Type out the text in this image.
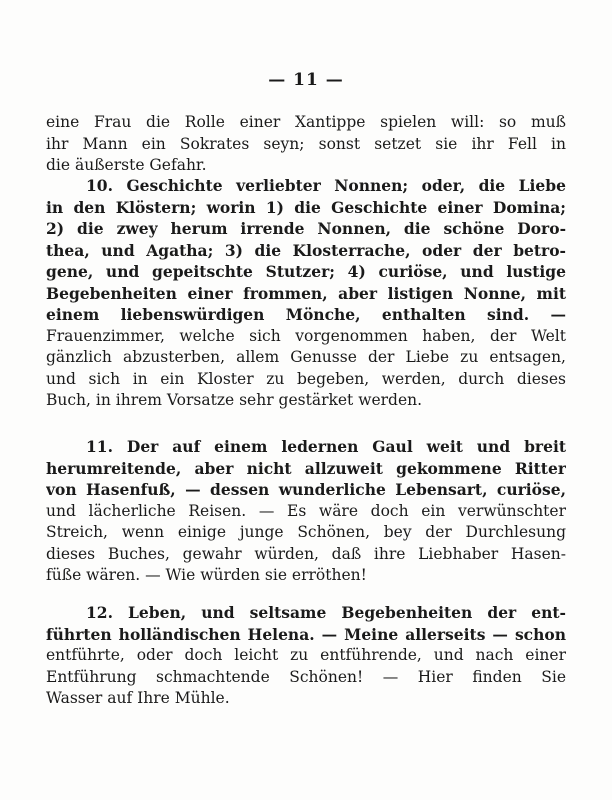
— 11 —
eine Frau die Rolle einer Xantippe spielen will: so muß
ihr Mann ein Sokrates seyn; sonst setzet sie ihr Fell in
die äußerste Gefahr.
10. Geschichte verliebter Nonnen; oder, die Liebe
in den Klöstern; worin 1) die Geschichte einer Domina;
2) die zwey herum irrende Nonnen, die schöne Doro-
thea, und Agatha; 3) die Klosterrache, oder der betro-
gene, und gepeitschte Stutzer; 4) curiöse, und lustige
Begebenheiten einer frommen, aber listigen Nonne, mit
einem liebenswürdigen Mönche, enthalten sind. —
Frauenzimmer, welche sich vorgenommen haben, der Welt
gänzlich abzusterben, allem Genusse der Liebe zu entsagen,
und sich in ein Kloster zu begeben, werden, durch dieses
Buch, in ihrem Vorsatze sehr gestärket werden.
11. Der auf einem ledernen Gaul weit und breit
herumreitende, aber nicht allzuweit gekommene Ritter
von Hasenfuß, — dessen wunderliche Lebensart, curiöse,
und lächerliche Reisen. — Es wäre doch ein verwünschter
Streich, wenn einige junge Schönen, bey der Durchlesung
dieses Buches, gewahr würden, daß ihre Liebhaber Hasen-
füße wären. — Wie würden sie erröthen!
12. Leben, und seltsame Begebenheiten der ent-
führten holländischen Helena. — Meine allerseits — schon
entführte, oder doch leicht zu entführende, und nach einer
Entführung schmachtende Schönen! — Hier finden Sie
Wasser auf Ihre Mühle.
